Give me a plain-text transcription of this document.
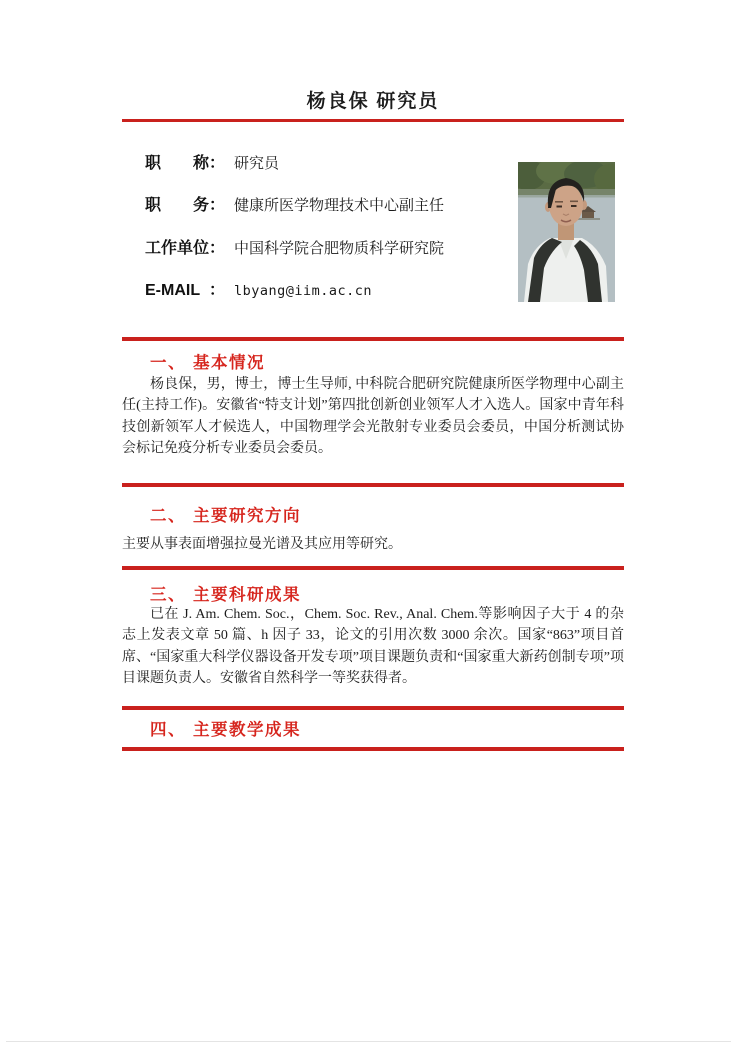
杨良保 研究员
职称： 研究员
职务： 健康所医学物理技术中心副主任
工作单位： 中国科学院合肥物质科学研究院
E-MAIL ： lbyang@iim.ac.cn
一、 基本情况
杨良保，男，博士，博士生导师, 中科院合肥研究院健康所医学物理中心副主任(主持工作)。安徽省“特支计划”第四批创新创业领军人才入选人。国家中青年科技创新领军人才候选人，中国物理学会光散射专业委员会委员，中国分析测试协会标记免疫分析专业委员会委员。
二、 主要研究方向
主要从事表面增强拉曼光谱及其应用等研究。
三、 主要科研成果
已在 J. Am. Chem. Soc.，Chem. Soc. Rev., Anal. Chem.等影响因子大于 4 的杂志上发表文章 50 篇、h 因子 33，论文的引用次数 3000 余次。国家“863”项目首席、“国家重大科学仪器设备开发专项”项目课题负责和“国家重大新药创制专项”项目课题负责人。安徽省自然科学一等奖获得者。
四、 主要教学成果
